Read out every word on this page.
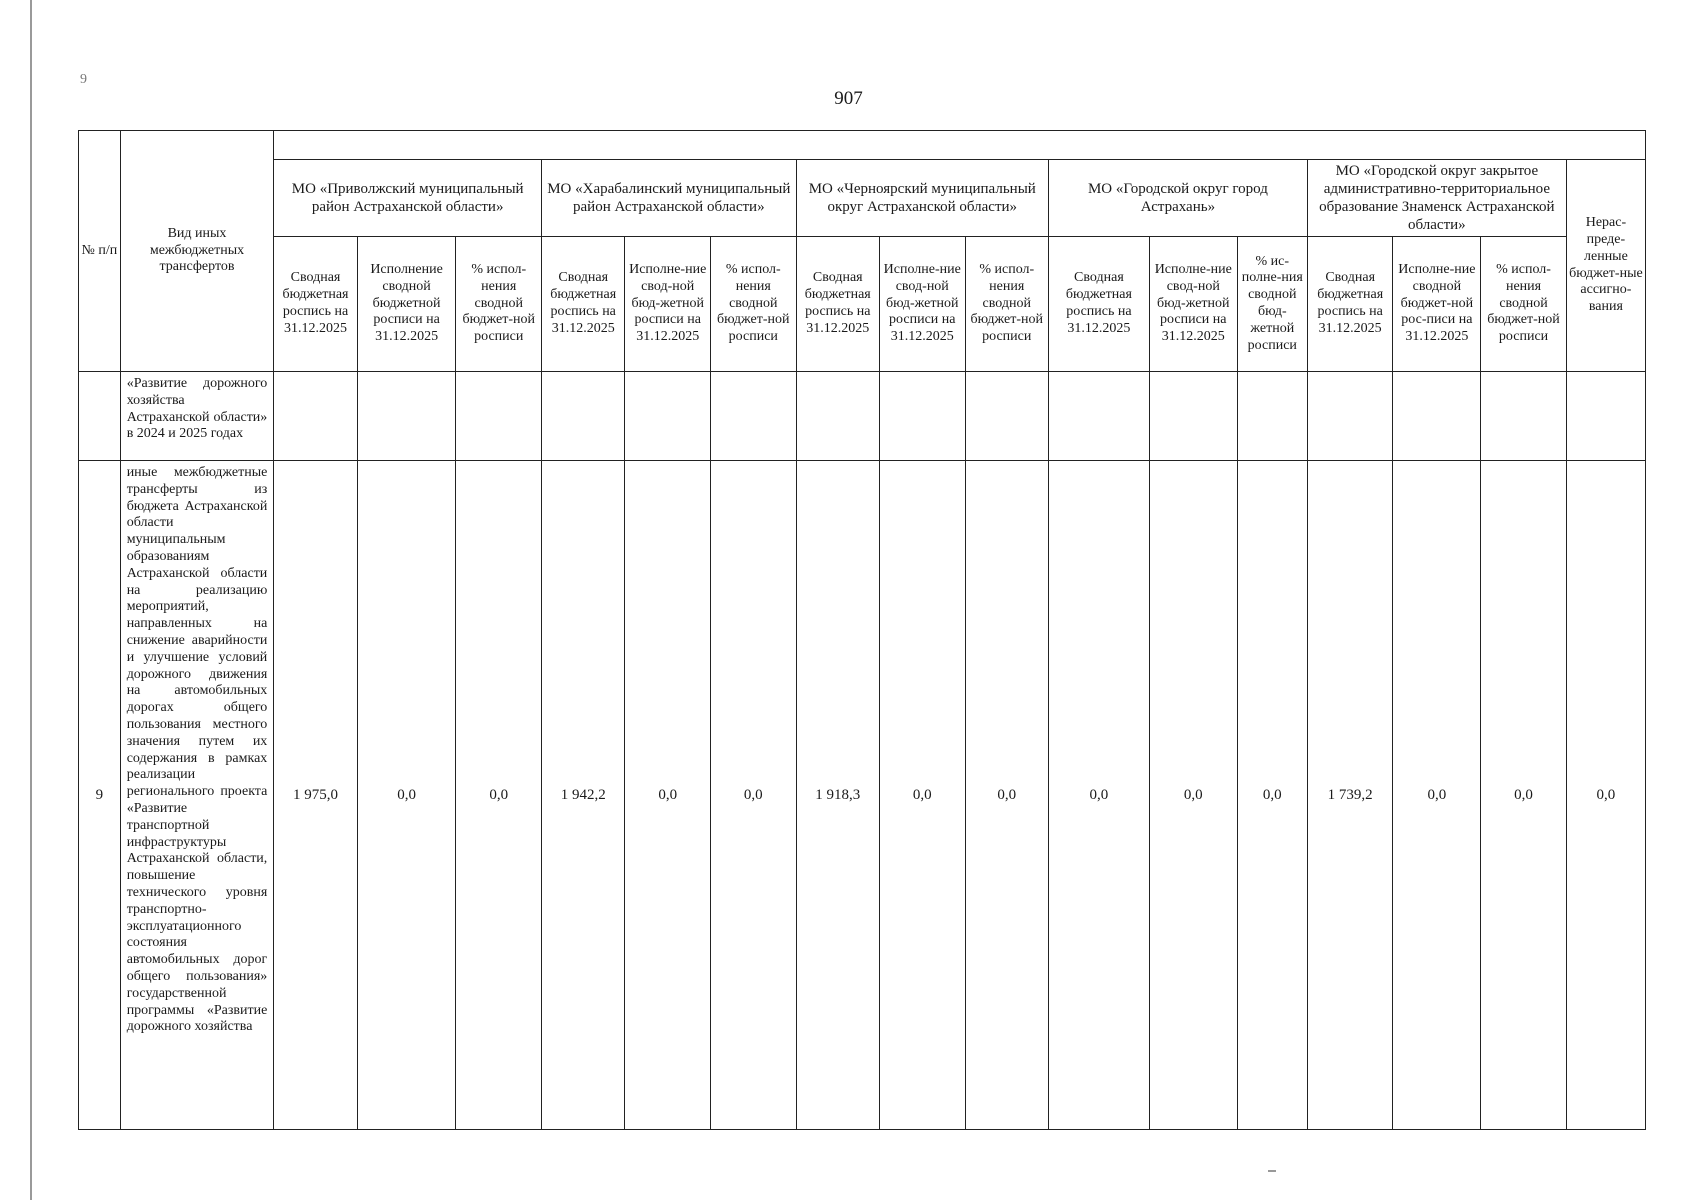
9
907
№ п/п	Вид иных межбюджетных трансфертов																
		МО «Приволжский муниципальный район Астраханской области»			МО «Харабалинский муниципальный район Астраханской области»			МО «Черноярский муниципальный округ Астраханской области»			МО «Городской округ город Астрахань»			МО «Городской округ закрытое административно-территориальное образование Знаменск Астраханской области»			Нерас-преде-ленные бюджет-ные ассигно-вания
		Сводная бюджетная роспись на 31.12.2025	Исполнение сводной бюджетной росписи на 31.12.2025	% испол-нения сводной бюджет-ной росписи	Сводная бюджетная роспись на 31.12.2025	Исполне-ние свод-ной бюд-жетной росписи на 31.12.2025	% испол-нения сводной бюджет-ной росписи	Сводная бюджетная роспись на 31.12.2025	Исполне-ние свод-ной бюд-жетной росписи на 31.12.2025	% испол-нения сводной бюджет-ной росписи	Сводная бюджетная роспись на 31.12.2025	Исполне-ние свод-ной бюд-жетной росписи на 31.12.2025	% ис-полне-ния сводной бюд-жетной росписи	Сводная бюджетная роспись на 31.12.2025	Исполне-ние сводной бюджет-ной рос-писи на 31.12.2025	% испол-нения сводной бюджет-ной росписи	
	«Развитие дорожного хозяйства Астраханской области» в 2024 и 2025 годах																
9	иные межбюджетные трансферты из бюджета Астраханской области муниципальным образованиям Астраханской области на реализацию мероприятий, направленных на снижение аварийности и улучшение условий дорожного движения на автомобильных дорогах общего пользования местного значения путем их содержания в рамках реализации регионального проекта «Развитие транспортной инфраструктуры Астраханской области, повышение технического уровня транспортно-эксплуатационного состояния автомобильных дорог общего пользования» государственной программы «Развитие дорожного хозяйства	1 975,0	0,0	0,0	1 942,2	0,0	0,0	1 918,3	0,0	0,0	0,0	0,0	0,0	1 739,2	0,0	0,0	0,0
